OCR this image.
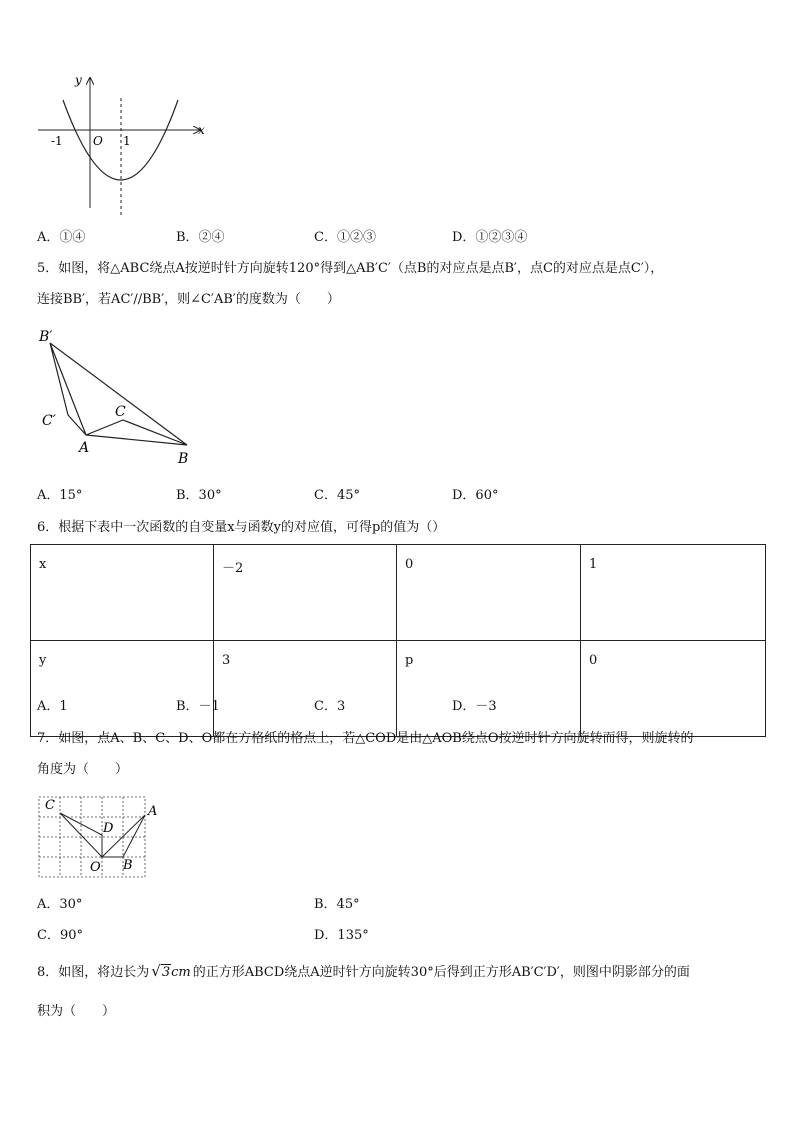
x
y
O
-1	1
A．①④	B．②④	C．①②③	D．①②③④
5．如图，将△ABC绕点A按逆时针方向旋转120°得到△AB′C′（点B的对应点是点B′，点C的对应点是点C′），
连接BB′，若AC′//BB′，则∠C′AB′的度数为（　　）
B′
C′
A
C
B
A．15°	B．30°	C．45°	D．60°
6．根据下表中一次函数的自变量x与函数y的对应值，可得p的值为（）
x	－2	0	1
y	3	p	0
A．1	B．－1	C．3	D．－3
7．如图，点A、B、C、D、O都在方格纸的格点上，若△COD是由△AOB绕点O按逆时针方向旋转而得，则旋转的
角度为（　　）
C
D
A
O B
A．30°	B．45°
C．90°	D．135°
8．如图，将边长为 √3cm 的正方形ABCD绕点A逆时针方向旋转30°后得到正方形AB′C′D′，则图中阴影部分的面
积为（　　）
